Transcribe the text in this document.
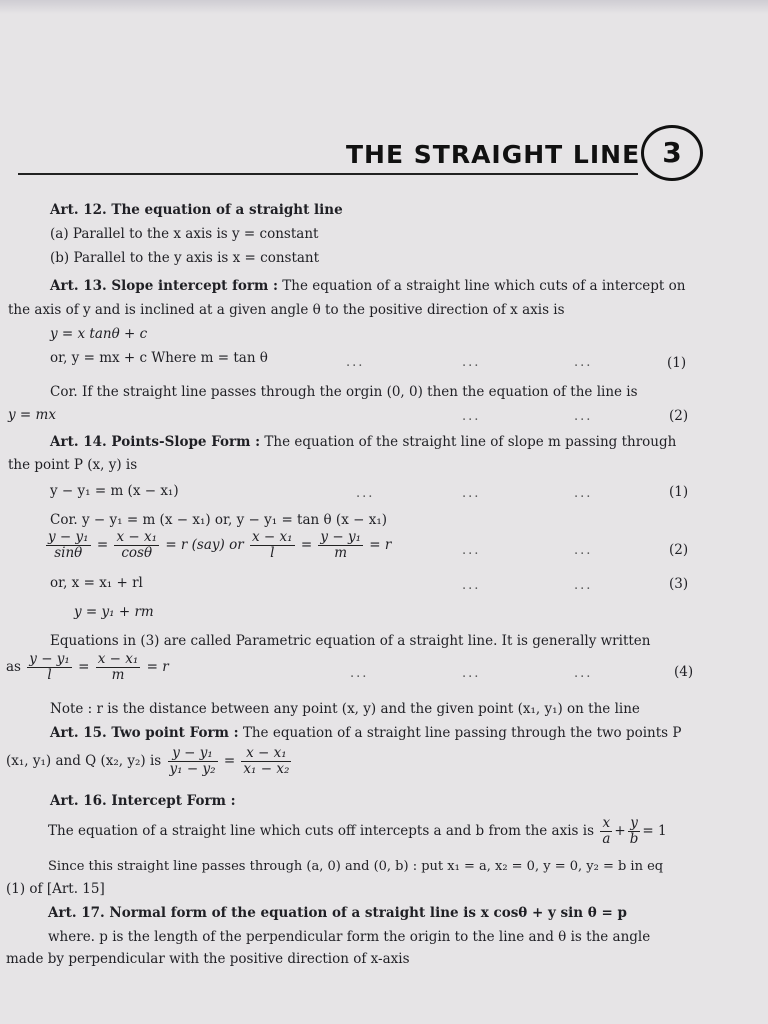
THE STRAIGHT LINE 3
Art. 12. The equation of a straight line
(a) Parallel to the x axis is y = constant
(b) Parallel to the y axis is x = constant
Art. 13. Slope intercept form : The equation of a straight line which cuts of a intercept on
the axis of y and is inclined at a given angle θ to the positive direction of x axis is
y = x tanθ + c
or, y = mx + c Where m = tan θ	...	...	...	(1)
Cor. If the straight line passes through the orgin (0, 0) then the equation of the line is
y = mx	...	...	(2)
Art. 14. Points-Slope Form : The equation of the straight line of slope m passing through
the point P (x, y) is
y − y₁ = m (x − x₁)	...	...	...	(1)
Cor. y − y₁ = m (x − x₁) or, y − y₁ = tan θ (x − x₁)
$\frac{\text{y − y₁}}{\sin\theta} = \frac{\text{x − x₁}}{\cos\theta} = r$ (say) or $\frac{\text{x − x₁}}{l} = \frac{\text{y − y₁}}{m} = r$	...	...	(2)
or, x = x₁ + rl	...	...	(3)
y = y₁ + rm
Equations in (3) are called Parametric equation of a straight line. It is generally written
as $\frac{\text{y − y₁}}{l} = \frac{\text{x − x₁}}{m} = r$	...	...	...	(4)
Note : r is the distance between any point (x, y) and the given point (x₁, y₁) on the line
Art. 15. Two point Form : The equation of a straight line passing through the two points P
(x₁, y₁) and Q (x₂, y₂) is $\frac{\text{y − y₁}}{\text{y₁ − y₂}} = \frac{\text{x − x₁}}{\text{x₁ − x₂}}$
Art. 16. Intercept Form :
The equation of a straight line which cuts off intercepts a and b from the axis is $\frac{x}{a} + \frac{y}{b} = 1$
Since this straight line passes through (a, 0) and (0, b) : put x₁ = a, x₂ = 0, y = 0, y₂ = b in eq
(1) of [Art. 15]
Art. 17. Normal form of the equation of a straight line is x cosθ + y sin θ = p
where. p is the length of the perpendicular form the origin to the line and θ is the angle
made by perpendicular with the positive direction of x-axis
